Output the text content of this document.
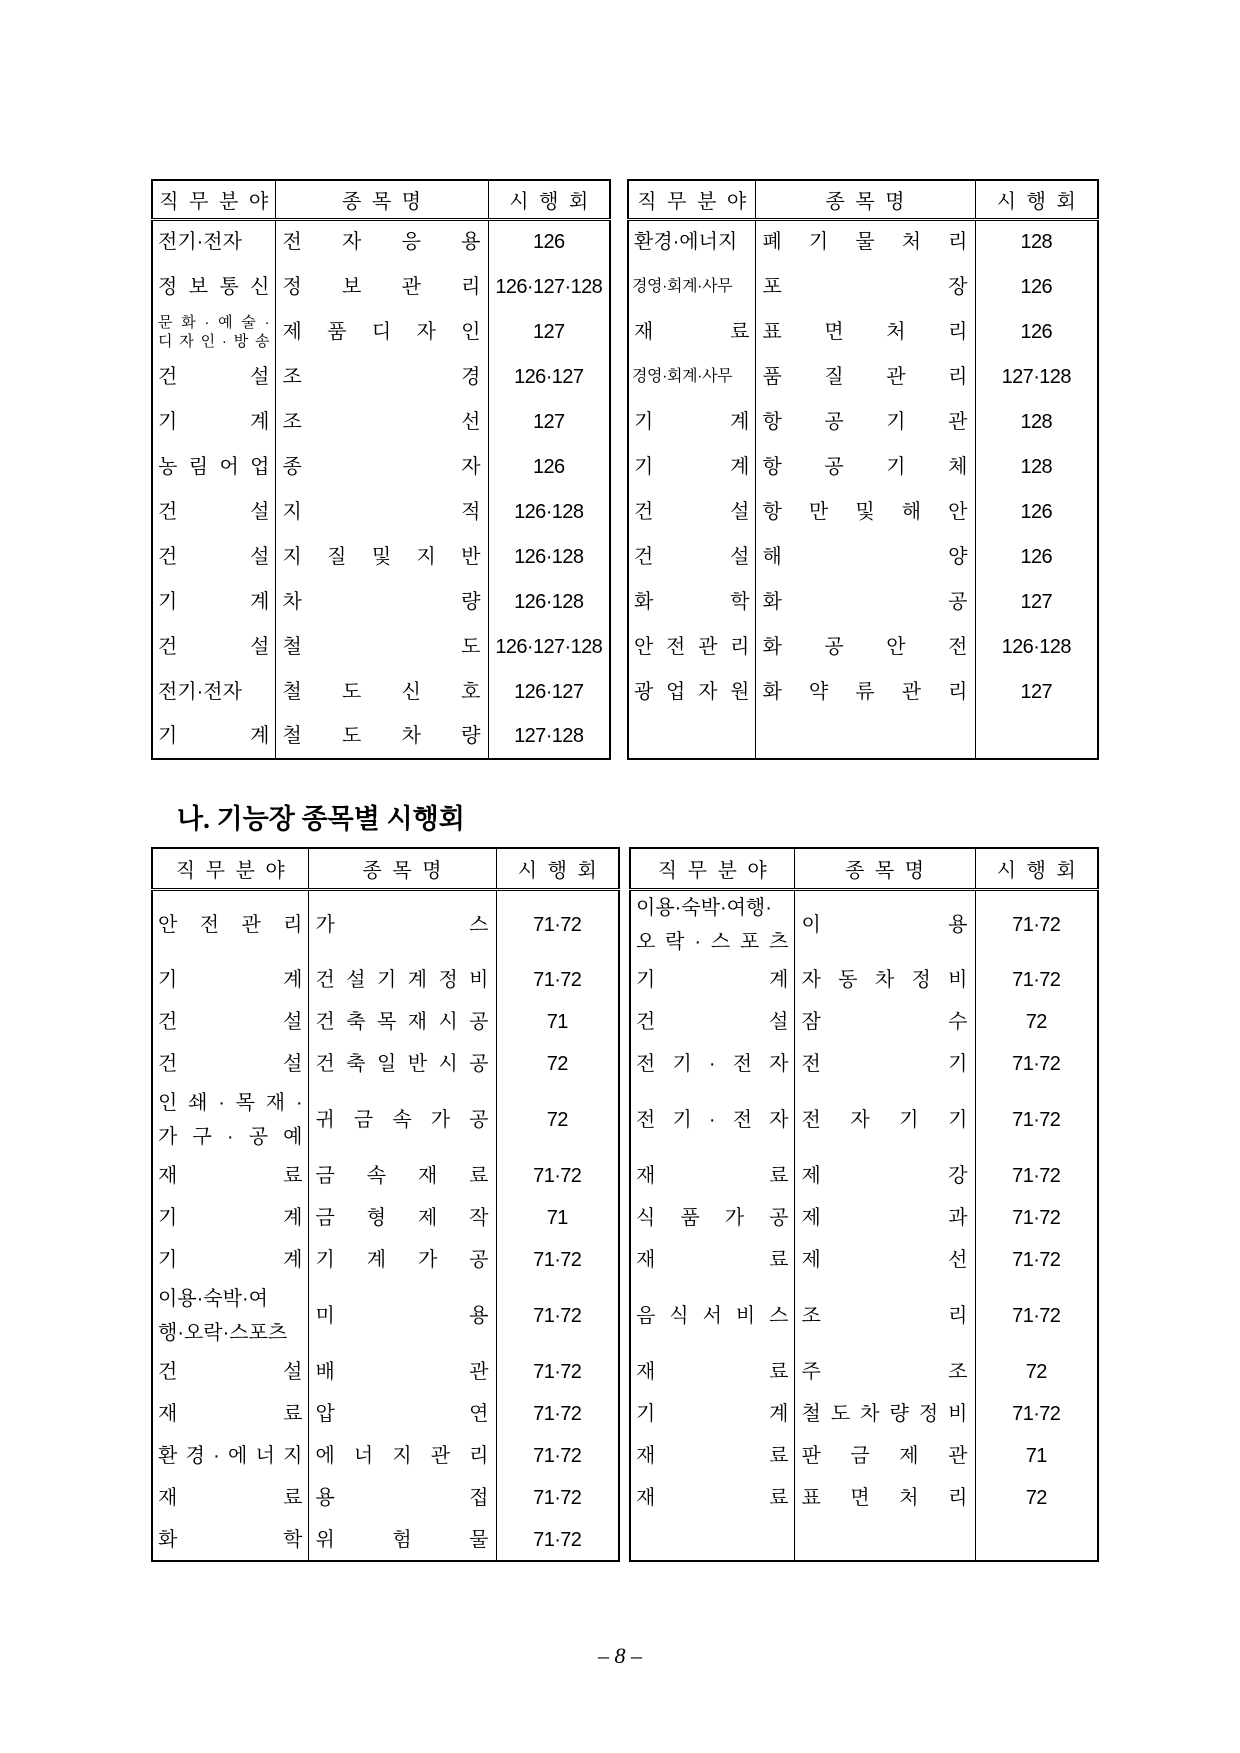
직 무 분 야	종 목 명	시 행 회
전기·전자	전 자 응 용	126
정 보 통 신	정 보 관 리	126·127·128

문 화 · 예 술 ·
디 자 인 · 방 송	제 품 디 자 인	127
건 설	조 경	126·127
기 계	조 선	127
농 림 어 업	종 자	126
건 설	지 적	126·128
건 설	지 질 및 지 반	126·128
기 계	차 량	126·128
건 설	철 도	126·127·128
전기·전자	철 도 신 호	126·127
기 계	철 도 차 량	127·128
직 무 분 야	종 목 명	시 행 회
환경·에너지	폐 기 물 처 리	128
경영·회계·사무	포 장	126
재 료	표 면 처 리	126
경영·회계·사무	품 질 관 리	127·128
기 계	항 공 기 관	128
기 계	항 공 기 체	128
건 설	항 만 및 해 안	126
건 설	해 양	126
화 학	화 공	127
안 전 관 리	화 공 안 전	126·128
광 업 자 원	화 약 류 관 리	127

나. 기능장 종목별 시행회
직 무 분 야	종 목 명	시 행 회
안 전 관 리	가 스	71·72
기 계	건 설 기 계 정 비	71·72
건 설	건 축 목 재 시 공	71
건 설	건 축 일 반 시 공	72

인 쇄 · 목 재 ·
가 구 · 공 예	귀 금 속 가 공	72
재 료	금 속 재 료	71·72
기 계	금 형 제 작	71
기 계	기 계 가 공	71·72

이용·숙박·여
행·오락·스포츠	미 용	71·72
건 설	배 관	71·72
재 료	압 연	71·72
환 경 · 에 너 지	에 너 지 관 리	71·72
재 료	용 접	71·72
화 학	위 험 물	71·72
직 무 분 야	종 목 명	시 행 회

이용·숙박·여행·
오 락 · 스 포 츠	이 용	71·72
기 계	자 동 차 정 비	71·72
건 설	잠 수	72
전 기 · 전 자	전 기	71·72
전 기 · 전 자	전 자 기 기	71·72
재 료	제 강	71·72
식 품 가 공	제 과	71·72
재 료	제 선	71·72
음 식 서 비 스	조 리	71·72
재 료	주 조	72
기 계	철 도 차 량 정 비	71·72
재 료	판 금 제 관	71
재 료	표 면 처 리	72

– 8 –
